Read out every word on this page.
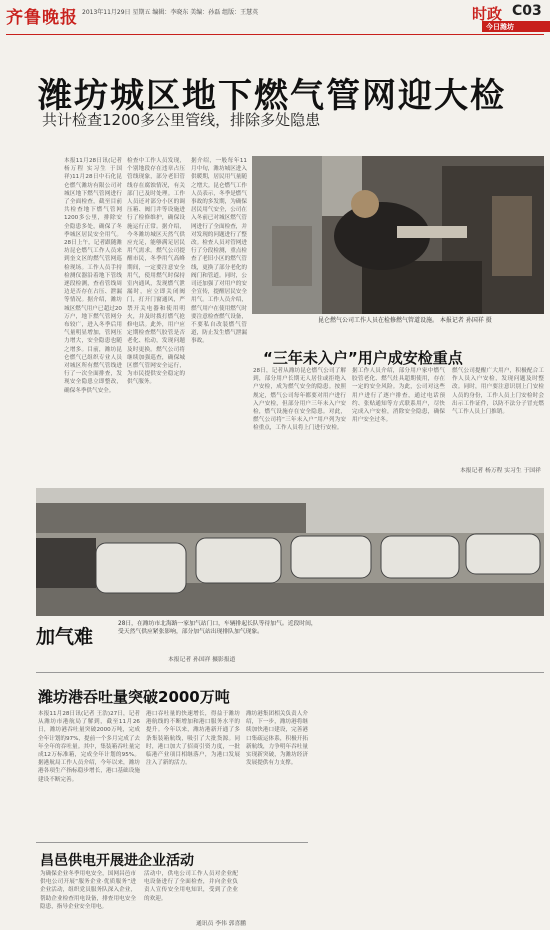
齐鲁晚报 2013年11月29日 星期五 编辑：李晓东 美编：孙磊 组版：王慧英	时政 C03
今日潍坊
潍坊城区地下燃气管网迎大检
共计检查1200多公里管线，排除多处隐患
本报11月28日讯(记者 杨万程 实习生 于国祥)11月28日中石化昆仑燃气潍坊有限公司对城区地下燃气管网进行了全面检查，截至目前共检查地下燃气管网1200多公里，排除安全隐患多处，确保了冬季城区居民安全用气。28日上午，记者跟随潍坊昆仑燃气工作人员来到奎文区的燃气管网巡检现场。工作人员手持检测仪器沿着地下管线逐段检测，查看管线周边是否存在占压、泄漏等情况。据介绍，潍坊城区燃气用户已超过20万户，地下燃气管网分布较广，进入冬季后用气量明显增加，管网压力增大，安全隐患也随之增多。目前，潍坊昆仑燃气已组织专业人员对城区所有燃气管线进行了一次全面排查，发现安全隐患立即整改，确保冬季供气安全。
检查中工作人员发现，个别地段存在违章占压管线现象，部分老旧管线存在腐蚀情况，有关部门已及时处理。工作人员还对部分小区的调压箱、阀门井等设施进行了检修维护，确保设施运行正常。据介绍，今冬潍坊城区天然气供应充足，能够满足居民用气需求。燃气公司提醒市民，冬季用气高峰期间，一定要注意安全用气，使用燃气时保持室内通风，发现燃气泄漏时，应立即关闭阀门，打开门窗通风，严禁开关电器和使用明火，并及时拨打燃气抢修电话。此外，用户应定期检查燃气胶管是否老化、松动，发现问题及时更换。燃气公司将继续加强巡查，确保城区燃气管网安全运行，为市民提供安全稳定的供气服务。
据介绍，一般每年11月中旬，潍坊城区进入供暖期，居民用气量随之增大。昆仑燃气工作人员表示，冬季是燃气事故的多发期，为确保居民用气安全，公司在入冬前已对城区燃气管网进行了全面检查，并对发现的问题进行了整改。检查人员对管网进行了分段检测，重点检查了老旧小区的燃气管线，更换了部分老化的阀门和管道。同时，公司还加强了对用户的安全宣传，提醒居民安全用气。工作人员介绍，燃气用户在使用燃气时要注意检查燃气设备，不要私自改装燃气管道，防止发生燃气泄漏事故。
昆仑燃气公司工作人员在检修燃气管道设施。 本报记者 孙国祥 摄
“三年未入户”用户成安检重点
28日，记者从潍坊昆仑燃气公司了解到，部分用户长期无人居住或拒绝入户安检，成为燃气安全的隐患。按照规定，燃气公司每年都要对用户进行入户安检，但部分用户三年未入户安检，燃气设施存在安全隐患。对此，燃气公司将“三年未入户”用户列为安检重点，工作人员将上门进行安检。
据工作人员介绍，部分用户家中燃气胶管老化、燃气灶具超期使用，存在一定的安全风险。为此，公司对这些用户进行了逐户排查，通过电话预约、张贴通知等方式联系用户，尽快完成入户安检，消除安全隐患，确保用户安全过冬。
燃气公司提醒广大用户，积极配合工作人员入户安检，发现问题及时整改。同时，用户要注意识别上门安检人员的身份，工作人员上门安检时会出示工作证件，以防不法分子冒充燃气工作人员上门推销。
本报记者 杨万程 实习生 于国祥
加气难
28日，在潍坊市北海路一家加气站门口，车辆排起长队等待加气。近段时间，受天然气供应紧张影响，部分加气站出现排队加气现象。
本报记者 孙国祥 摄影报道
潍坊港吞吐量突破2000万吨
本报11月28日讯(记者 王浩)27日，记者从潍坊市港航局了解到，截至11月26日，潍坊港吞吐量突破2000万吨，完成全年计划的97%，提前一个多月完成了去年全年的吞吐量。其中，集装箱吞吐量完成12万标准箱，完成全年计划的95%。据港航局工作人员介绍，今年以来，潍坊港各项生产指标稳步增长，港口基础设施建设不断完善。
港口吞吐量的快速增长，得益于潍坊港航线的不断增加和港口服务水平的提升。今年以来，潍坊港新开通了多条集装箱航线，吸引了大批货源。同时，港口加大了招商引资力度，一批临港产业项目相继落户，为港口发展注入了新的活力。
潍坊港集团相关负责人介绍，下一步，潍坊港将继续加快港口建设，完善港口集疏运体系，积极开拓新航线，力争明年吞吐量实现新突破，为潍坊经济发展提供有力支撑。
昌邑供电开展进企业活动
为确保企业冬季用电安全，国网昌邑市供电公司开展“服务企业·优质服务”进企业活动，组织党员服务队深入企业，帮助企业检查用电设备，排查用电安全隐患，指导企业安全用电。
活动中，供电公司工作人员对企业配电设备进行了全面检查，并向企业负责人宣传安全用电知识，受到了企业的欢迎。
通讯员 李伟 郭喜鹏
